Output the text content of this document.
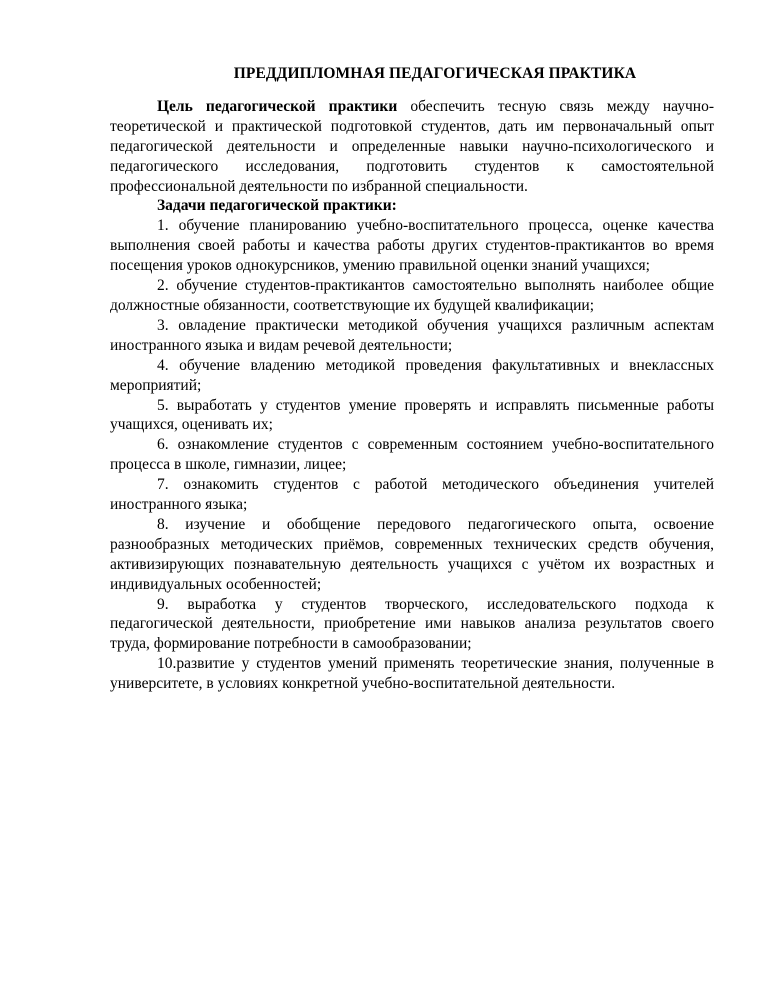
ПРЕДДИПЛОМНАЯ ПЕДАГОГИЧЕСКАЯ ПРАКТИКА

Цель педагогической практики обеспечить тесную связь между научно-теоретической и практической подготовкой студентов, дать им первоначальный опыт педагогической деятельности и определенные навыки научно-психологического и педагогического исследования, подготовить студентов к самостоятельной профессиональной деятельности по избранной специальности.

Задачи педагогической практики:

1. обучение планированию учебно-воспитательного процесса, оценке качества выполнения своей работы и качества работы других студентов-практикантов во время посещения уроков однокурсников, умению правильной оценки знаний учащихся;

2. обучение студентов-практикантов самостоятельно выполнять наиболее общие должностные обязанности, соответствующие их будущей квалификации;

3. овладение практически методикой обучения учащихся различным аспектам иностранного языка и видам речевой деятельности;

4. обучение владению методикой проведения факультативных и внеклассных мероприятий;

5. выработать у студентов умение проверять и исправлять письменные работы учащихся, оценивать их;

6. ознакомление студентов с современным состоянием учебно-воспитательного процесса в школе, гимназии, лицее;

7. ознакомить студентов с работой методического объединения учителей иностранного языка;

8. изучение и обобщение передового педагогического опыта, освоение разнообразных методических приёмов, современных технических средств обучения, активизирующих познавательную деятельность учащихся с учётом их возрастных и индивидуальных особенностей;

9. выработка у студентов творческого, исследовательского подхода к педагогической деятельности, приобретение ими навыков анализа результатов своего труда, формирование потребности в самообразовании;

10.развитие у студентов умений применять теоретические знания, полученные в университете, в условиях конкретной учебно-воспитательной деятельности.
